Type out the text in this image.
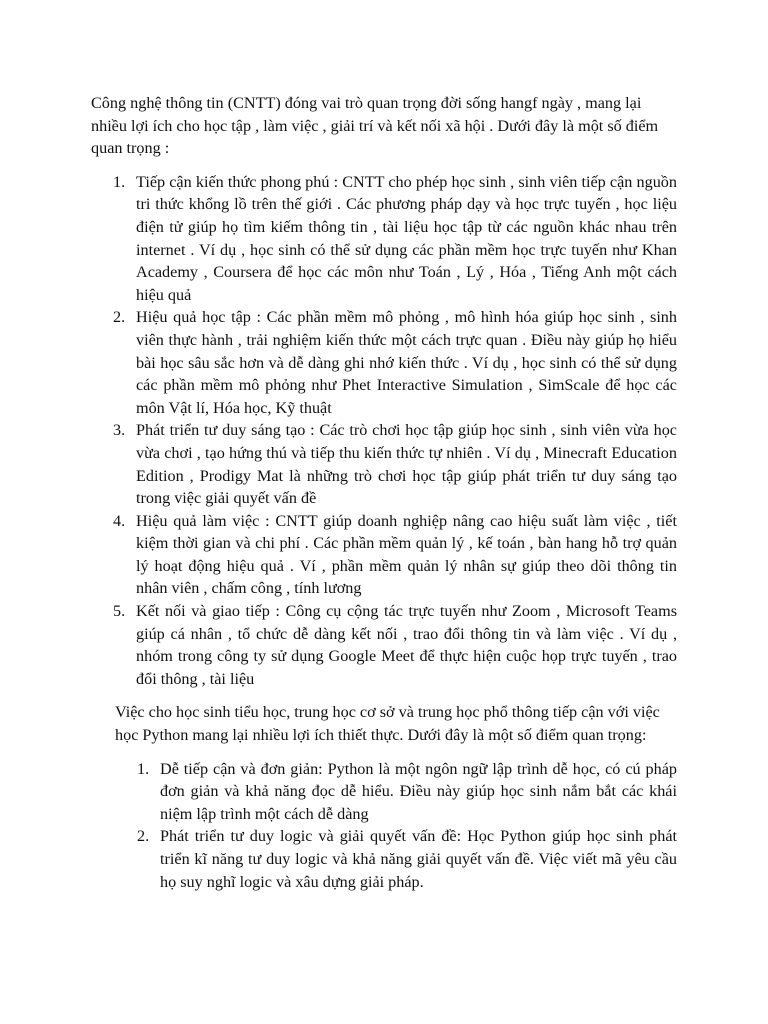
Công nghệ thông tin (CNTT) đóng vai trò quan trọng đời sống hangf ngày , mang lại nhiều lợi ích cho học tập , làm việc , giải trí và kết nối xã hội . Dưới đây là một số điểm quan trọng :

1. Tiếp cận kiến thức phong phú : CNTT cho phép học sinh , sinh viên tiếp cận nguồn tri thức khổng lồ trên thế giới . Các phương pháp dạy và học trực tuyến , học liệu điện tử giúp họ tìm kiếm thông tin , tài liệu học tập từ các nguồn khác nhau trên internet . Ví dụ , học sinh có thể sử dụng các phần mềm học trực tuyến như Khan Academy , Coursera để học các môn như Toán , Lý , Hóa , Tiếng Anh một cách hiệu quả
2. Hiệu quả học tập : Các phần mềm mô phỏng , mô hình hóa giúp học sinh , sinh viên thực hành , trải nghiệm kiến thức một cách trực quan . Điều này giúp họ hiểu bài học sâu sắc hơn và dễ dàng ghi nhớ kiến thức . Ví dụ , học sinh có thể sử dụng các phần mềm mô phỏng như Phet Interactive Simulation , SimScale để học các môn Vật lí, Hóa học, Kỹ thuật
3. Phát triển tư duy sáng tạo : Các trò chơi học tập giúp học sinh , sinh viên vừa học vừa chơi , tạo hứng thú và tiếp thu kiến thức tự nhiên . Ví dụ , Minecraft Education Edition , Prodigy Mat là những trò chơi học tập giúp phát triển tư duy sáng tạo trong việc giải quyết vấn đề
4. Hiệu quả làm việc : CNTT giúp doanh nghiệp nâng cao hiệu suất làm việc , tiết kiệm thời gian và chi phí . Các phần mềm quản lý , kế toán , bàn hang hỗ trợ quản lý hoạt động hiệu quả . Ví , phần mềm quản lý nhân sự giúp theo dõi thông tin nhân viên , chấm công , tính lương
5. Kết nối và giao tiếp : Công cụ cộng tác trực tuyến như Zoom , Microsoft Teams giúp cá nhân , tổ chức dễ dàng kết nối , trao đổi thông tin và làm việc . Ví dụ , nhóm trong công ty sử dụng Google Meet để thực hiện cuộc họp trực tuyến , trao đổi thông , tài liệu

Việc cho học sinh tiểu học, trung học cơ sở và trung học phổ thông tiếp cận với việc học Python mang lại nhiều lợi ích thiết thực. Dưới đây là một số điểm quan trọng:

1. Dễ tiếp cận và đơn giản: Python là một ngôn ngữ lập trình dễ học, có cú pháp đơn giản và khả năng đọc dễ hiểu. Điều này giúp học sinh nắm bắt các khái niệm lập trình một cách dễ dàng
2. Phát triển tư duy logic và giải quyết vấn đề: Học Python giúp học sinh phát triển kĩ năng tư duy logic và khả năng giải quyết vấn đề. Việc viết mã yêu cầu họ suy nghĩ logic và xâu dựng giải pháp.
